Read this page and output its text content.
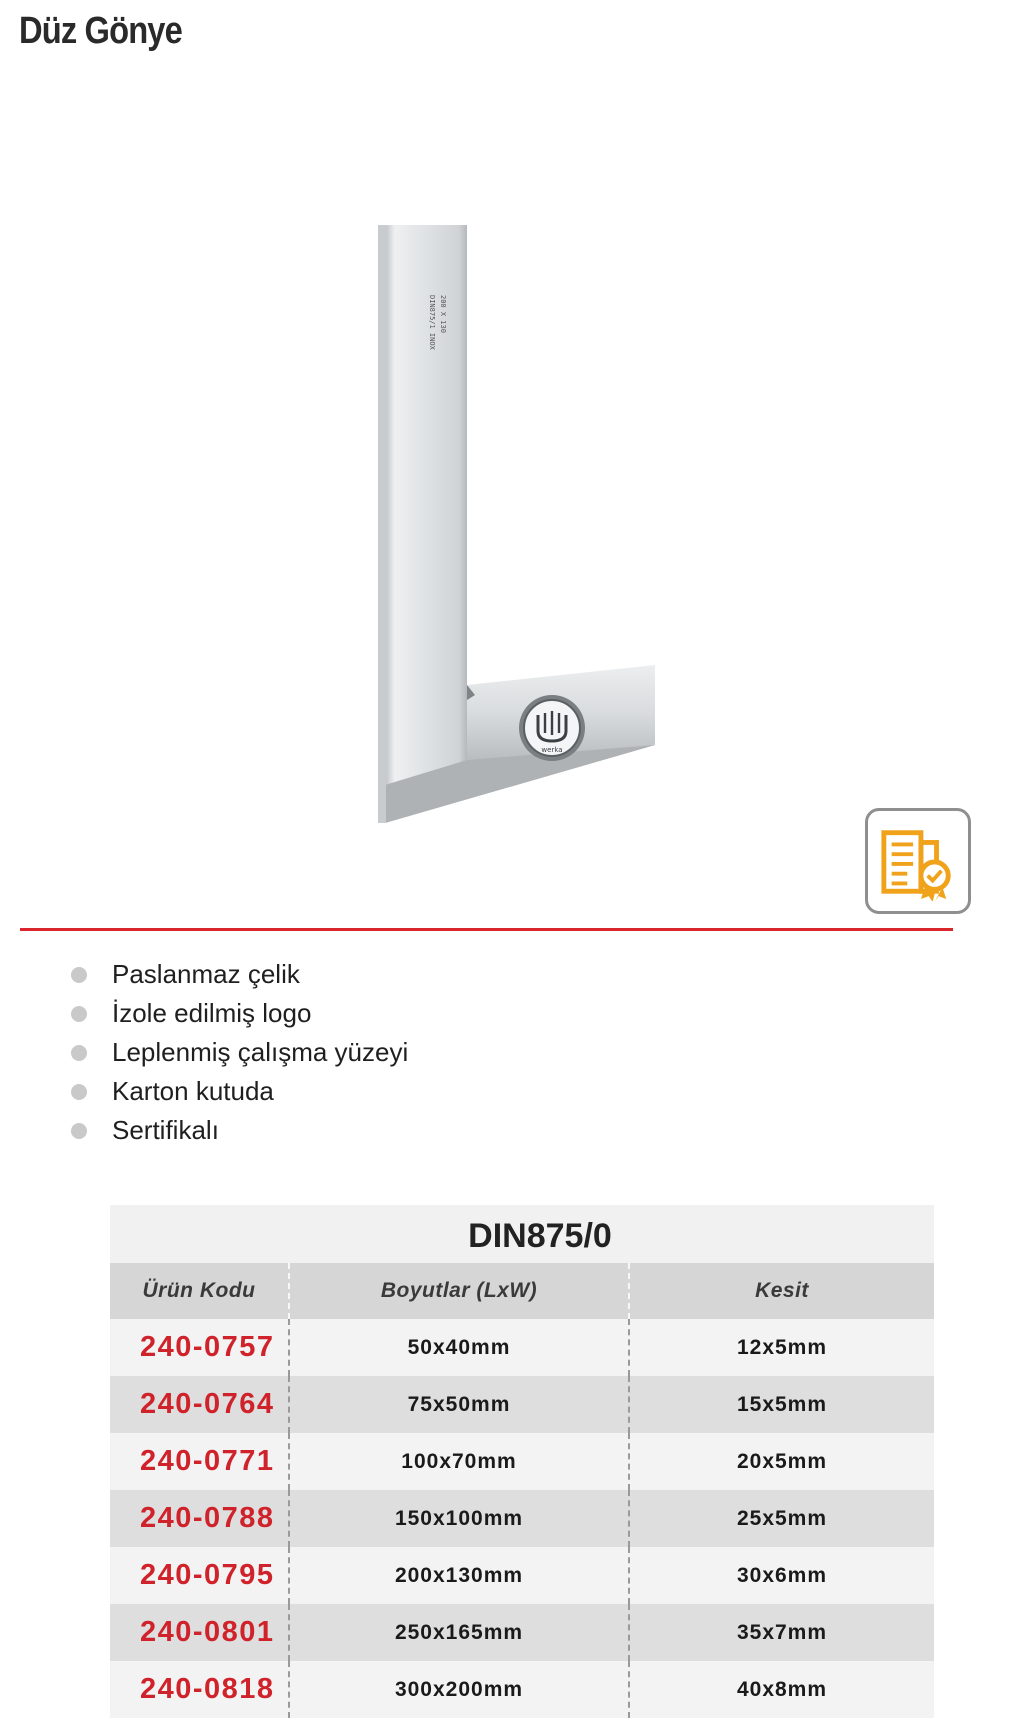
Düz Gönye
200 X 130
DIN875/1 INOX
werka
Paslanmaz çelik
İzole edilmiş logo
Leplenmiş çalışma yüzeyi
Karton kutuda
Sertifikalı
DIN875/0
Ürün Kodu	Boyutlar (LxW)	Kesit
240-0757	50x40mm	12x5mm
240-0764	75x50mm	15x5mm
240-0771	100x70mm	20x5mm
240-0788	150x100mm	25x5mm
240-0795	200x130mm	30x6mm
240-0801	250x165mm	35x7mm
240-0818	300x200mm	40x8mm
